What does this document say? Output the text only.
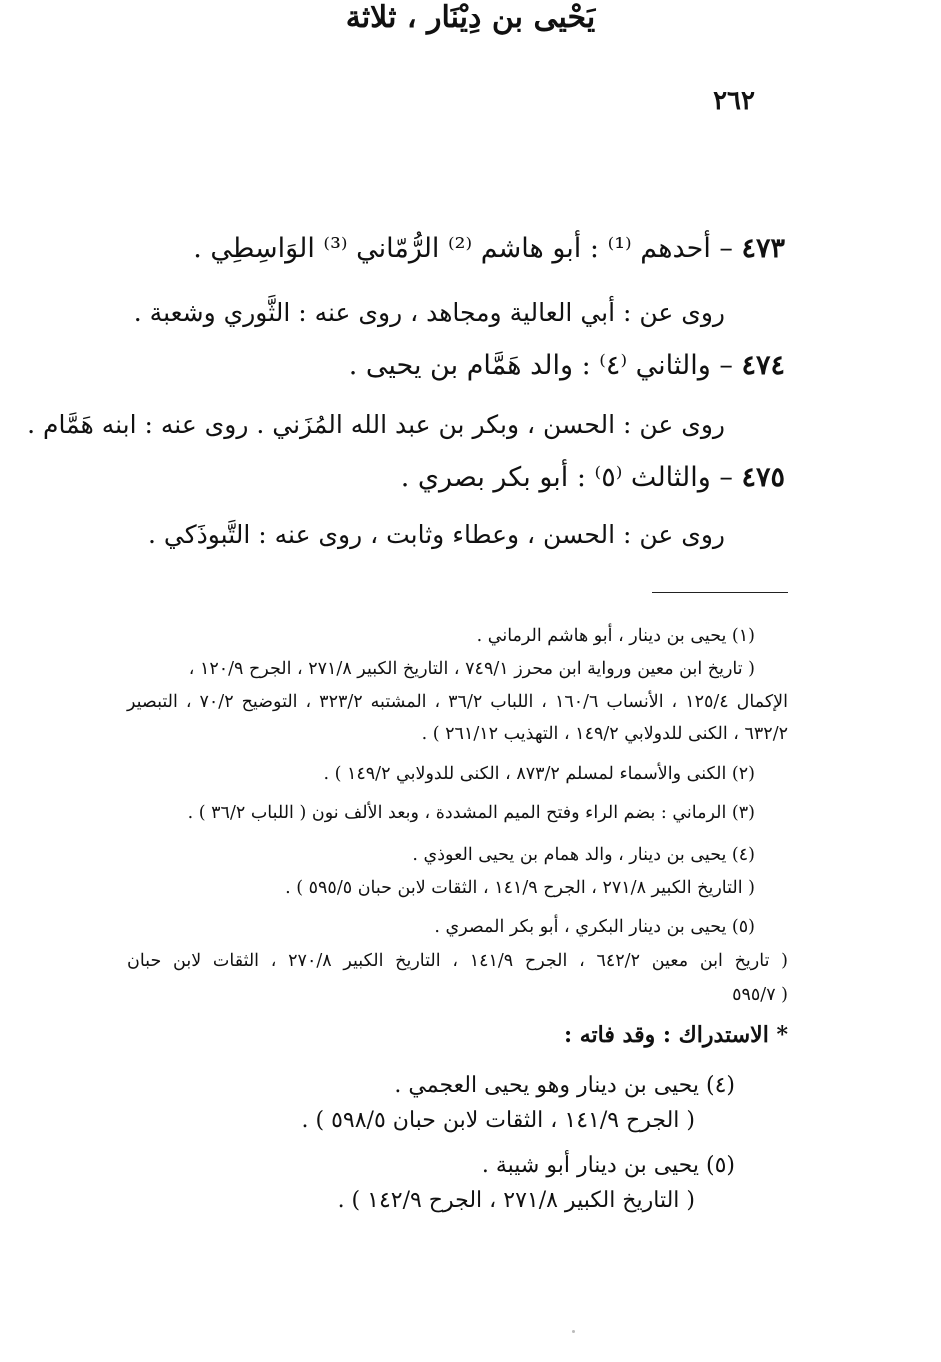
٢٦٢
يَحْيى بن دِيْنَار ، ثلاثة
٤٧٣ – أحدهم ⁽¹⁾ : أبو هاشم ⁽²⁾ الرُّمّاني ⁽³⁾ الوَاسِطِي .
روى عن : أبي العالية ومجاهد ، روى عنه : الثَّوري وشعبة .
٤٧٤ – والثاني ⁽٤⁾ : والد هَمَّام بن يحيى .
روى عن : الحسن ، وبكر بن عبد الله المُزَني . روى عنه : ابنه هَمَّام .
٤٧٥ – والثالث ⁽٥⁾ : أبو بكر بصري .
روى عن : الحسن ، وعطاء وثابت ، روى عنه : التَّبوذَكي .
(١) يحيى بن دينار ، أبو هاشم الرماني .
( تاريخ ابن معين ورواية ابن محرز ٧٤٩/١ ، التاريخ الكبير ٢٧١/٨ ، الجرح ١٢٠/٩ ،
الإكمال ١٢٥/٤ ، الأنساب ١٦٠/٦ ، اللباب ٣٦/٢ ، المشتبه ٣٢٣/٢ ، التوضيح ٧٠/٢ ، التبصير
٦٣٢/٢ ، الكنى للدولابي ١٤٩/٢ ، التهذيب ٢٦١/١٢ ) .
(٢) الكنى والأسماء لمسلم ٨٧٣/٢ ، الكنى للدولابي ١٤٩/٢ ) .
(٣) الرماني : بضم الراء وفتح الميم المشددة ، وبعد الألف نون ( اللباب ٣٦/٢ ) .
(٤) يحيى بن دينار ، والد همام بن يحيى العوذي .
( التاريخ الكبير ٢٧١/٨ ، الجرح ١٤١/٩ ، الثقات لابن حبان ٥٩٥/٥ ) .
(٥) يحيى بن دينار البكري ، أبو بكر المصري .
( تاريخ ابن معين ٦٤٢/٢ ، الجرح ١٤١/٩ ، التاريخ الكبير ٢٧٠/٨ ، الثقات لابن حبان
٥٩٥/٧ )
* الاستدراك : وقد فاته :
(٤) يحيى بن دينار وهو يحيى العجمي .
( الجرح ١٤١/٩ ، الثقات لابن حبان ٥٩٨/٥ ) .
(٥) يحيى بن دينار أبو شيبة .
( التاريخ الكبير ٢٧١/٨ ، الجرح ١٤٢/٩ ) .
